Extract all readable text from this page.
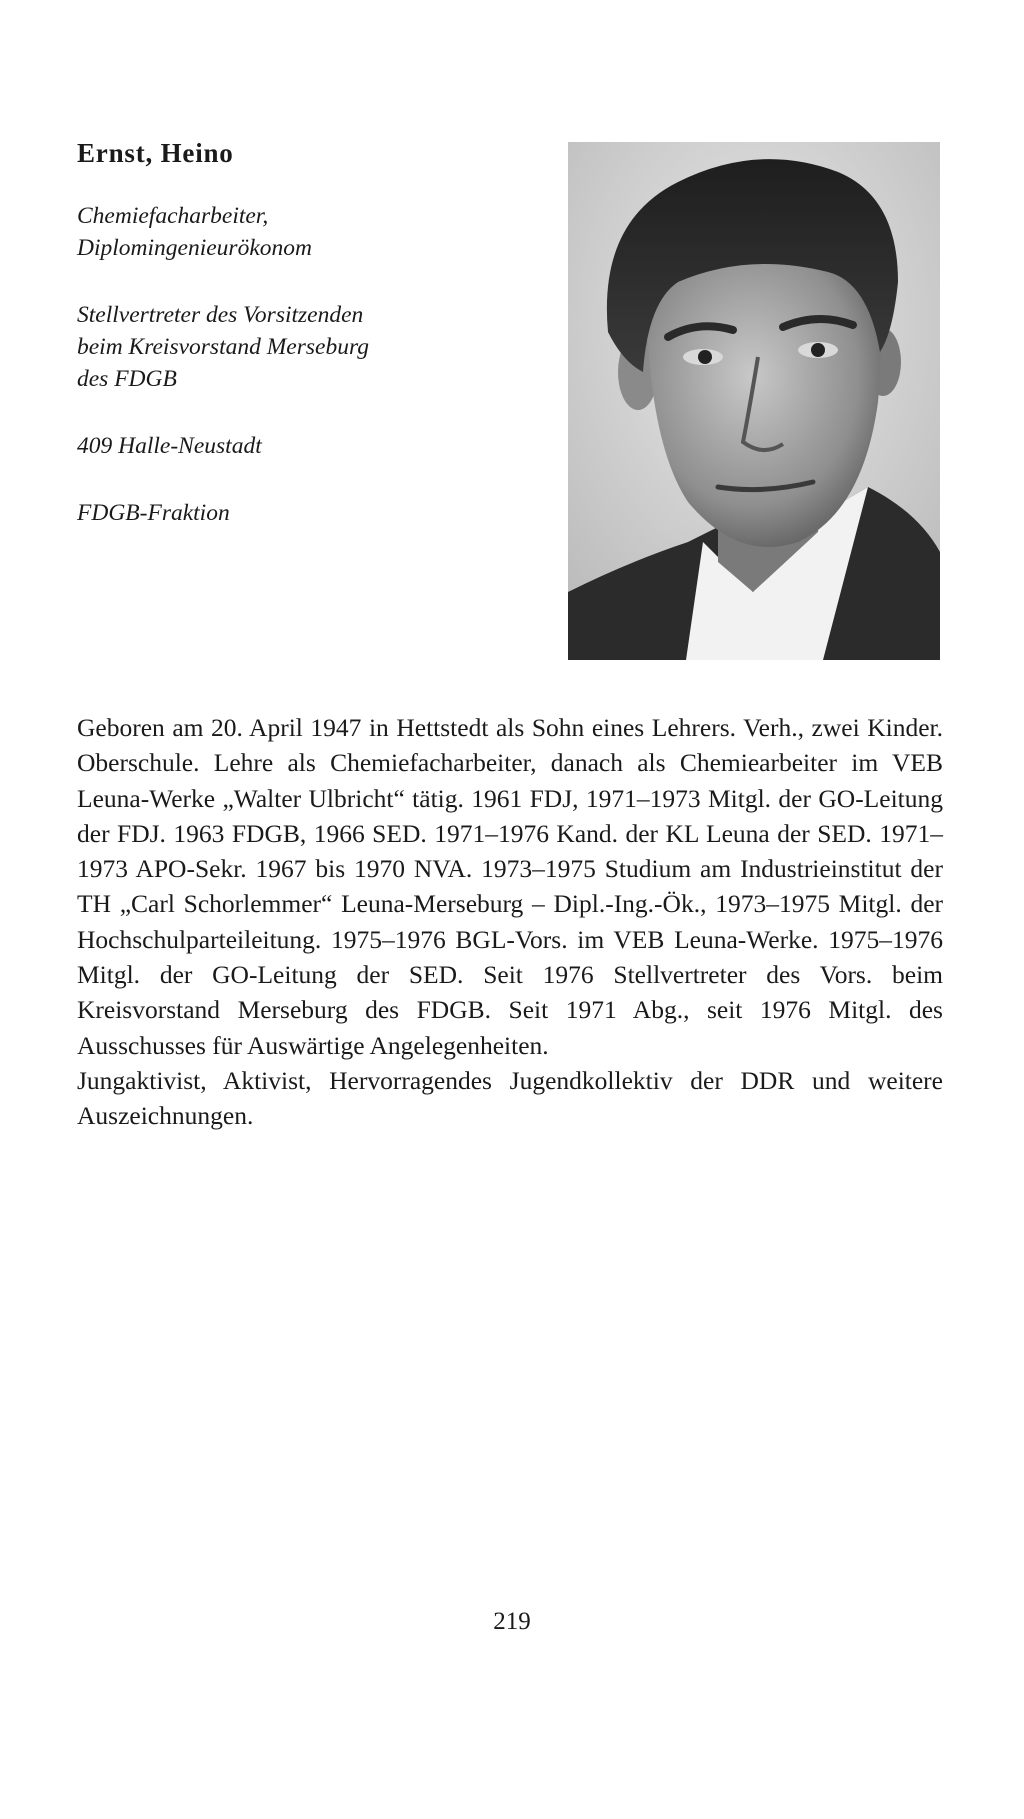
Ernst, Heino

Chemiefacharbeiter,
Diplomingenieurökonom

Stellvertreter des Vorsitzenden
beim Kreisvorstand Merseburg
des FDGB

409 Halle-Neustadt

FDGB-Fraktion

Geboren am 20. April 1947 in Hettstedt als Sohn eines Lehrers. Verh., zwei Kinder. Oberschule. Lehre als Chemiefacharbeiter, danach als Chemiearbeiter im VEB Leuna-Werke „Walter Ulbricht“ tätig. 1961 FDJ, 1971–1973 Mitgl. der GO-Leitung der FDJ. 1963 FDGB, 1966 SED. 1971–1976 Kand. der KL Leuna der SED. 1971–1973 APO-Sekr. 1967 bis 1970 NVA. 1973–1975 Studium am Industrieinstitut der TH „Carl Schorlemmer“ Leuna-Merseburg – Dipl.-Ing.-Ök., 1973–1975 Mitgl. der Hochschulparteileitung. 1975–1976 BGL-Vors. im VEB Leuna-Werke. 1975–1976 Mitgl. der GO-Leitung der SED. Seit 1976 Stellvertreter des Vors. beim Kreisvorstand Merseburg des FDGB. Seit 1971 Abg., seit 1976 Mitgl. des Ausschusses für Auswärtige Angelegenheiten.

Jungaktivist, Aktivist, Hervorragendes Jugendkollektiv der DDR und weitere Auszeichnungen.

219
